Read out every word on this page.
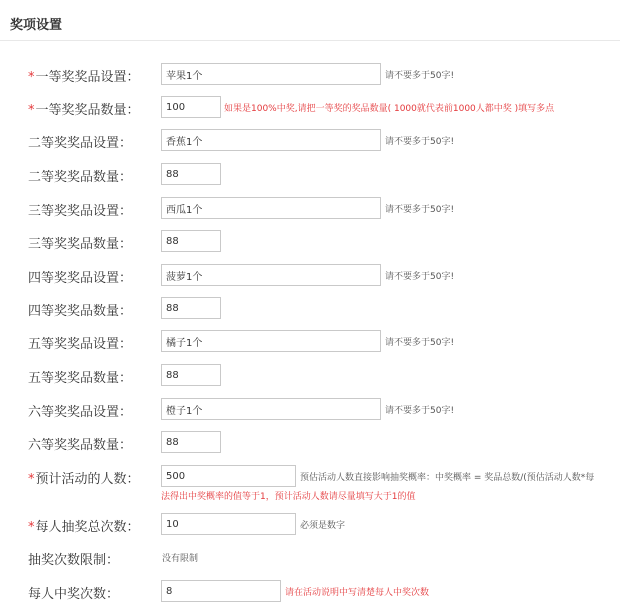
奖项设置
*一等奖奖品设置：
苹果1个	请不要多于50字!
*一等奖奖品数量：
100	如果是100%中奖,请把一等奖的奖品数量( 1000就代表前1000人都中奖 )填写多点
二等奖奖品设置：
香蕉1个	请不要多于50字!
二等奖奖品数量：
88
三等奖奖品设置：
西瓜1个	请不要多于50字!
三等奖奖品数量：
88
四等奖奖品设置：
菠萝1个	请不要多于50字!
四等奖奖品数量：
88
五等奖奖品设置：
橘子1个	请不要多于50字!
五等奖奖品数量：
88
六等奖奖品设置：
橙子1个	请不要多于50字!
六等奖奖品数量：
88
*预计活动的人数：
500	预估活动人数直接影响抽奖概率：中奖概率 = 奖品总数/(预估活动人数*每
法得出中奖概率的值等于1，预计活动人数请尽量填写大于1的值
*每人抽奖总次数：
10	必须是数字
抽奖次数限制：	没有限制
每人中奖次数：
8	请在活动说明中写清楚每人中奖次数
